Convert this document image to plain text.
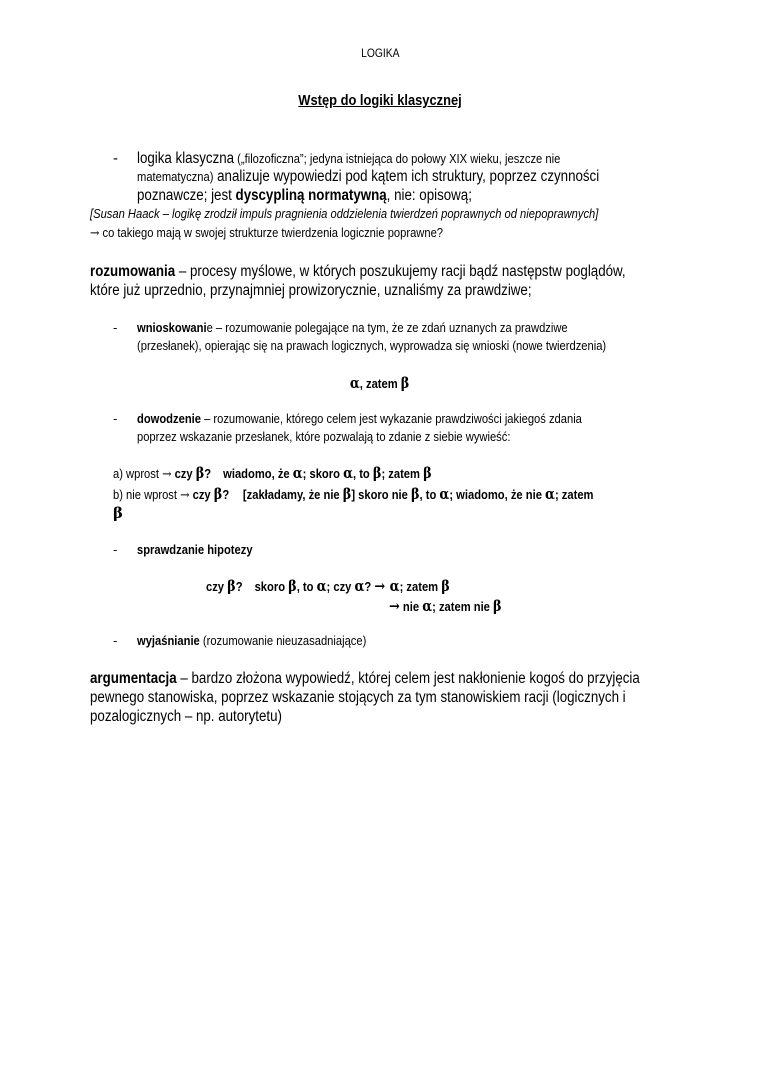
LOGIKA
Wstęp do logiki klasycznej
- logika klasyczna („filozoficzna”; jedyna istniejąca do połowy XIX wieku, jeszcze nie
matematyczna) analizuje wypowiedzi pod kątem ich struktury, poprzez czynności
poznawcze; jest dyscypliną normatywną, nie: opisową;
[Susan Haack – logikę zrodził impuls pragnienia oddzielenia twierdzeń poprawnych od niepoprawnych]
→ co takiego mają w swojej strukturze twierdzenia logicznie poprawne?
rozumowania – procesy myślowe, w których poszukujemy racji bądź następstw poglądów,
które już uprzednio, przynajmniej prowizorycznie, uznaliśmy za prawdziwe;
- wnioskowanie – rozumowanie polegające na tym, że ze zdań uznanych za prawdziwe
(przesłanek), opierając się na prawach logicznych, wyprowadza się wnioski (nowe twierdzenia)
α, zatem β
- dowodzenie – rozumowanie, którego celem jest wykazanie prawdziwości jakiegoś zdania
poprzez wskazanie przesłanek, które pozwalają to zdanie z siebie wywieść:
a) wprost → czy β? wiadomo, że α; skoro α, to β; zatem β
b) nie wprost → czy β? [zakładamy, że nie β] skoro nie β, to α; wiadomo, że nie α; zatem
β
- sprawdzanie hipotezy
czy β? skoro β, to α; czy α? → α; zatem β
→ nie α; zatem nie β
- wyjaśnianie (rozumowanie nieuzasadniające)
argumentacja – bardzo złożona wypowiedź, której celem jest nakłonienie kogoś do przyjęcia
pewnego stanowiska, poprzez wskazanie stojących za tym stanowiskiem racji (logicznych i
pozalogicznych – np. autorytetu)
